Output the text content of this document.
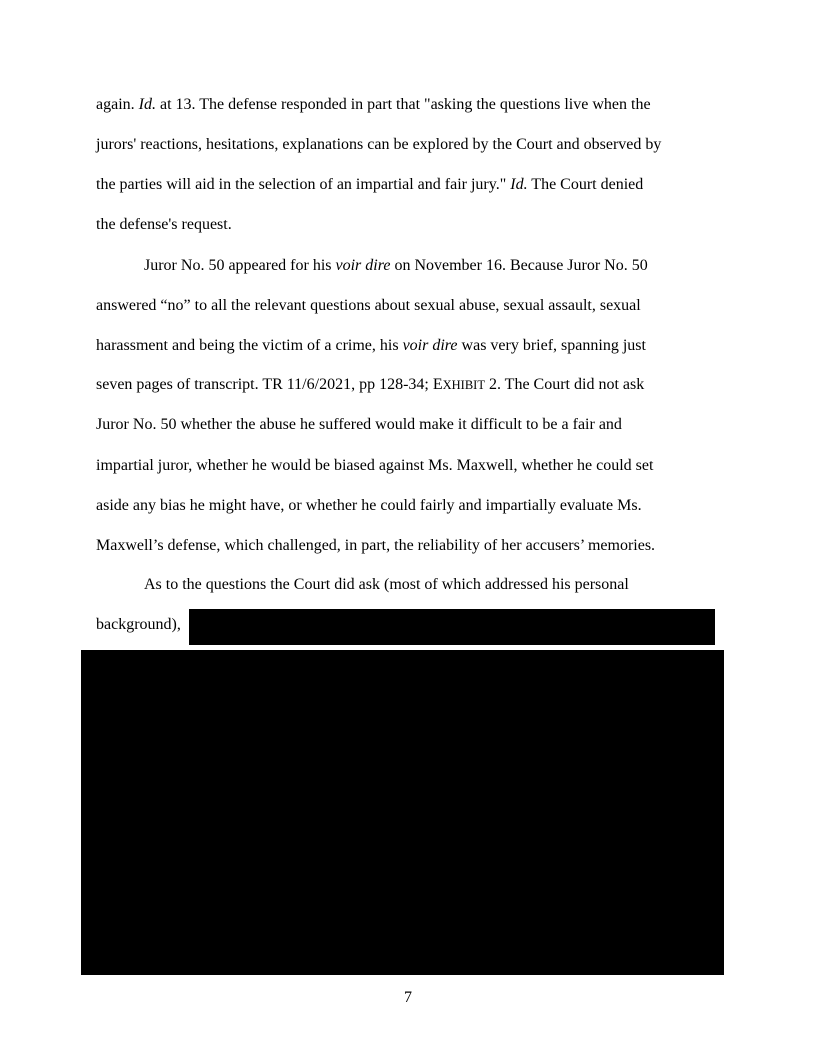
again. Id. at 13. The defense responded in part that "asking the questions live when the
jurors' reactions, hesitations, explanations can be explored by the Court and observed by
the parties will aid in the selection of an impartial and fair jury." Id. The Court denied
the defense's request.
Juror No. 50 appeared for his voir dire on November 16. Because Juror No. 50
answered “no” to all the relevant questions about sexual abuse, sexual assault, sexual
harassment and being the victim of a crime, his voir dire was very brief, spanning just
seven pages of transcript. TR 11/6/2021, pp 128-34; EXHIBIT 2. The Court did not ask
Juror No. 50 whether the abuse he suffered would make it difficult to be a fair and
impartial juror, whether he would be biased against Ms. Maxwell, whether he could set
aside any bias he might have, or whether he could fairly and impartially evaluate Ms.
Maxwell’s defense, which challenged, in part, the reliability of her accusers’ memories.
As to the questions the Court did ask (most of which addressed his personal
background),
7
